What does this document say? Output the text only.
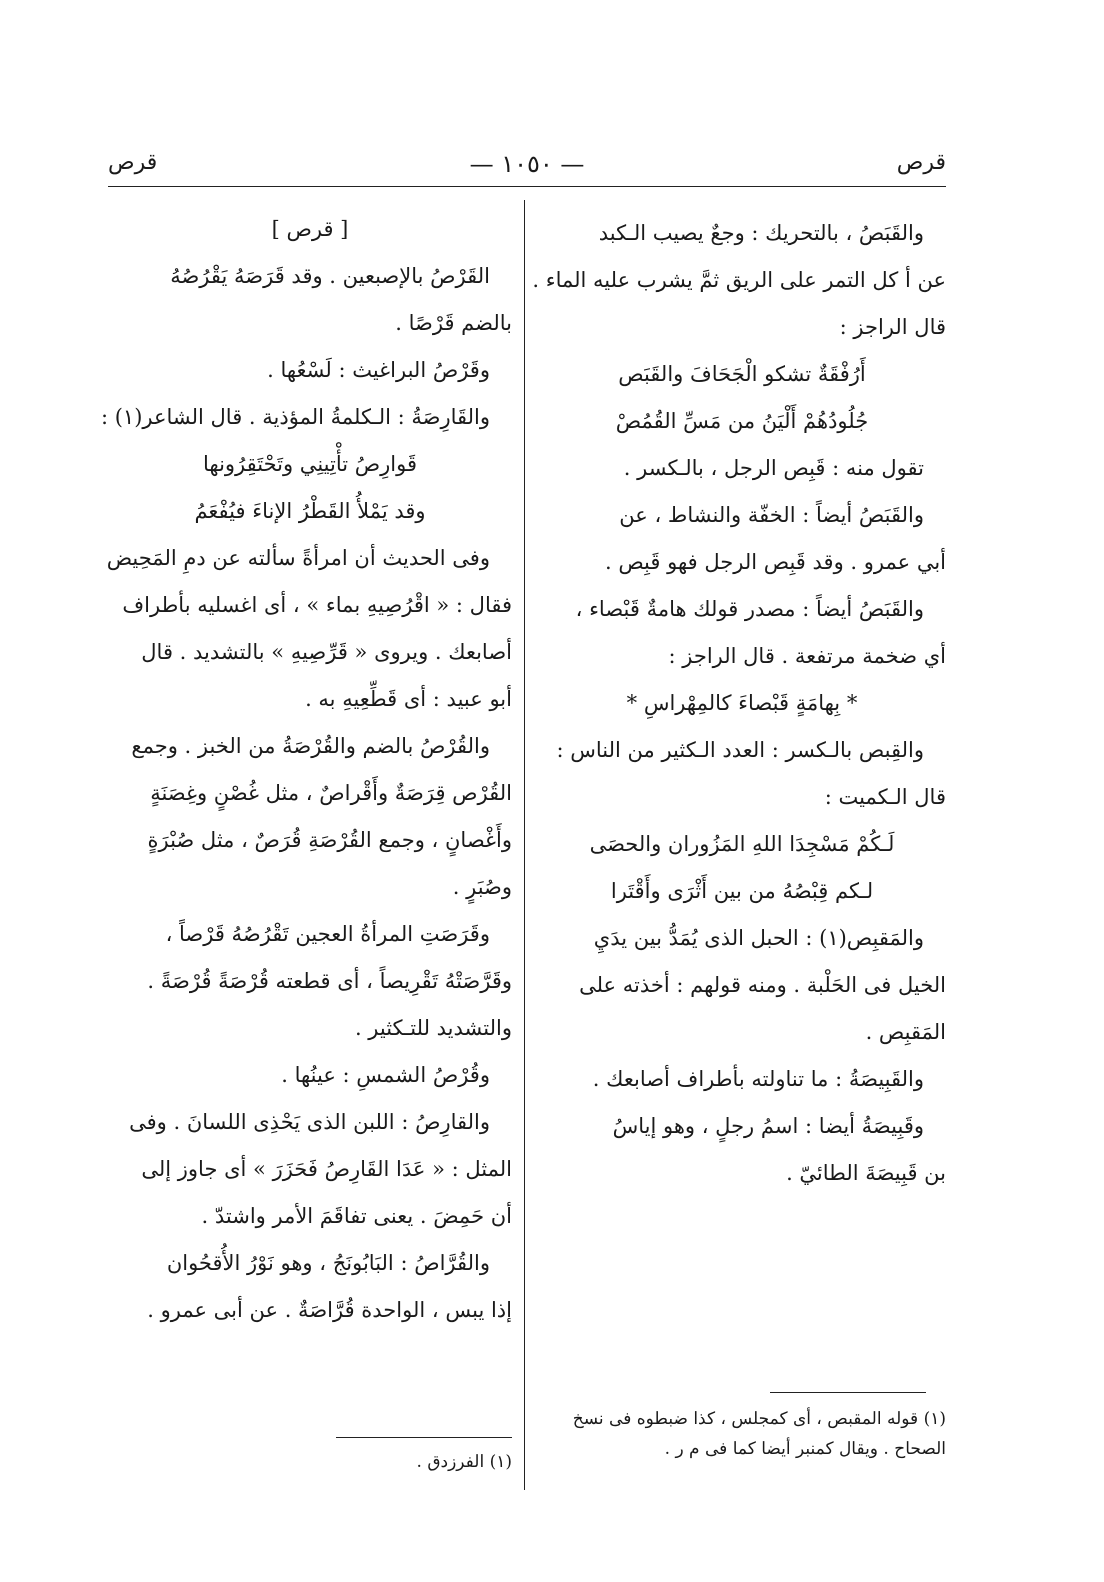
قرص	— ١٠٥٠ —	قرص
والقَبَصُ ، بالتحريك : وجعٌ يصيب الـكبد
عن أ كل التمر على الريق ثمَّ يشرب عليه الماء .
قال الراجز :
أَرُفْقَةٌ تشكو الْجَحَافَ والقَبَص
جُلُودُهُمْ أَلْيَنُ من مَسِّ القُمُصْ
تقول منه : قَبِص الرجل ، بالـكسر .
والقَبَصُ أيضاً : الخفّة والنشاط ، عن
أبي عمرو . وقد قَبِص الرجل فهو قَبِص .
والقَبَصُ أيضاً : مصدر قولك هامةٌ قَبْصاء ،
أي ضخمة مرتفعة . قال الراجز :
* بِهامَةٍ قَبْصاءَ كالمِهْراسِ *
والقِبص بالـكسر : العدد الـكثير من الناس :
قال الـكميت :
لَـكُمْ مَسْجِدَا اللهِ المَزُوران والحصَى
لـكم قِبْصُهُ من بين أَثْرَى وأَقْتَرا
والمَقبِص(١) : الحبل الذى يُمَدُّ بين يدَيِ
الخيل فى الحَلْبة . ومنه قولهم : أخذته على
المَقبِص .
والقَبِيصَةُ : ما تناولته بأطراف أصابعك .
وقَبِيصَةُ أيضا : اسمُ رجلٍ ، وهو إياسُ
بن قَبِيصَةَ الطائيّ .
[ قرص ]
القَرْصُ بالإصبعين . وقد قَرَصَهُ يَقْرُصُهُ
بالضم قَرْصًا .
وقَرْصُ البراغيث : لَسْعُها .
والقَارِصَةُ : الـكلمةُ المؤذية . قال الشاعر(١) :
قَوارِصُ تأْتِينِي وتَحْتَقِرُونها
وقد يَمْلأُ القَطْرُ الإناءَ فيُفْعَمُ
وفى الحديث أن امرأةً سألته عن دمِ المَحِيض
فقال : « اقْرُصِيهِ بماء » ، أى اغسليه بأطراف
أصابعك . ويروى « قَرِّصِيهِ » بالتشديد . قال
أبو عبيد : أى قَطِّعِيهِ به .
والقُرْصُ بالضم والقُرْصَةُ من الخبز . وجمع
القُرْص قِرَصَةٌ وأَقْراصٌ ، مثل غُصْنٍ وغِصَنَةٍ
وأَغْصانٍ ، وجمع القُرْصَةِ قُرَصٌ ، مثل صُبْرَةٍ
وصُبَرٍ .
وقَرَصَتِ المرأةُ العجين تَقْرُصُهُ قَرْصاً ،
وقَرَّصَتْهُ تَقْرِيصاً ، أى قطعته قُرْصَةً قُرْصَةً .
والتشديد للتـكثير .
وقُرْصُ الشمسِ : عينُها .
والقارِصُ : اللبن الذى يَحْذِى اللسانَ . وفى
المثل : « عَدَا القَارِصُ فَحَزَرَ » أى جاوز إلى
أن حَمِضَ . يعنى تفاقَمَ الأمر واشتدّ .
والقُرَّاصُ : البَابُونَجُ ، وهو نَوْرُ الأُقحُوان
إذا يبس ، الواحدة قُرَّاصَةٌ . عن أبى عمرو .
(١) قوله المقبص ، أى كمجلس ، كذا ضبطوه فى نسخ
الصحاح . ويقال كمنبر أيضا كما فى م ر .
(١) الفرزدق .
